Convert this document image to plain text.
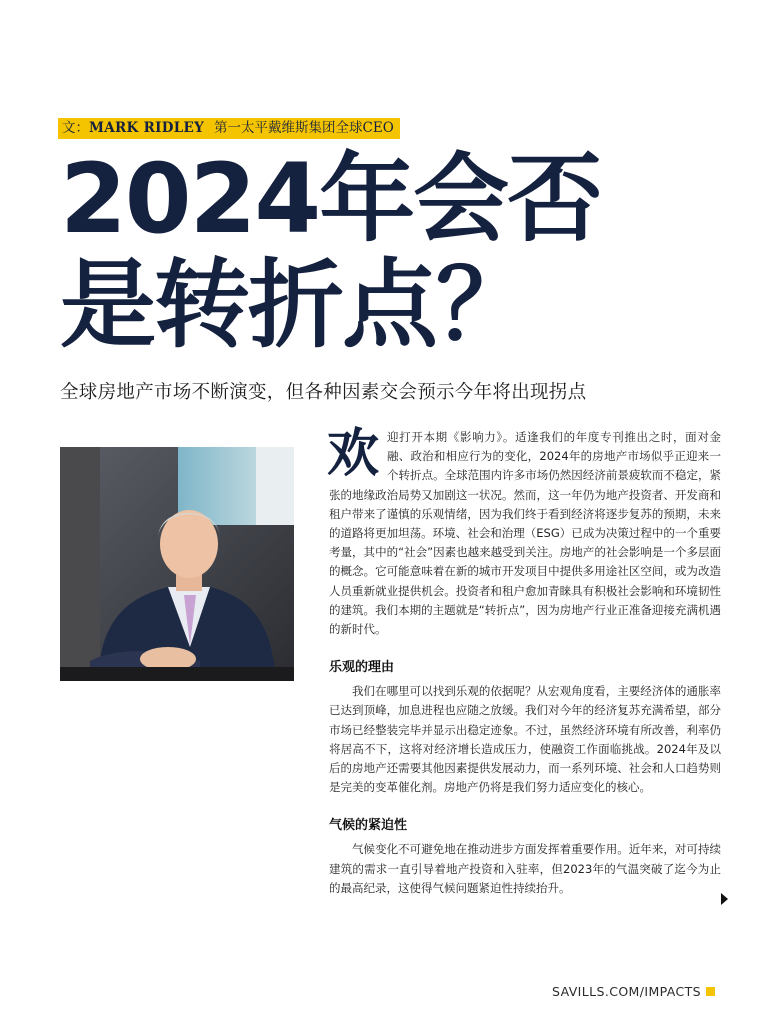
文：MARK RIDLEY 第一太平戴维斯集团全球CEO
2024年会否
是转折点？

全球房地产市场不断演变，但各种因素交会预示今年将出现拐点

欢 迎打开本期《影响力》。适逢我们的年度专刊推出之时，面对金融、政治和相应行为的变化，2024年的房地产市场似乎正迎来一个转折点。全球范围内许多市场仍然因经济前景疲软而不稳定，紧张的地缘政治局势又加剧这一状况。然而，这一年仍为地产投资者、开发商和租户带来了谨慎的乐观情绪，因为我们终于看到经济将逐步复苏的预期，未来的道路将更加坦荡。环境、社会和治理（ESG）已成为决策过程中的一个重要考量，其中的“社会”因素也越来越受到关注。房地产的社会影响是一个多层面的概念。它可能意味着在新的城市开发项目中提供多用途社区空间，或为改造人员重新就业提供机会。投资者和租户愈加青睐具有积极社会影响和环境韧性的建筑。我们本期的主题就是“转折点”，因为房地产行业正准备迎接充满机遇的新时代。

乐观的理由

我们在哪里可以找到乐观的依据呢？从宏观角度看，主要经济体的通胀率已达到顶峰，加息进程也应随之放缓。我们对今年的经济复苏充满希望，部分市场已经整装完毕并显示出稳定迹象。不过，虽然经济环境有所改善，利率仍将居高不下，这将对经济增长造成压力，使融资工作面临挑战。2024年及以后的房地产还需要其他因素提供发展动力，而一系列环境、社会和人口趋势则是完美的变革催化剂。房地产仍将是我们努力适应变化的核心。

气候的紧迫性

气候变化不可避免地在推动进步方面发挥着重要作用。近年来，对可持续建筑的需求一直引导着地产投资和入驻率，但2023年的气温突破了迄今为止的最高纪录，这使得气候问题紧迫性持续抬升。

SAVILLS.COM/IMPACTS
